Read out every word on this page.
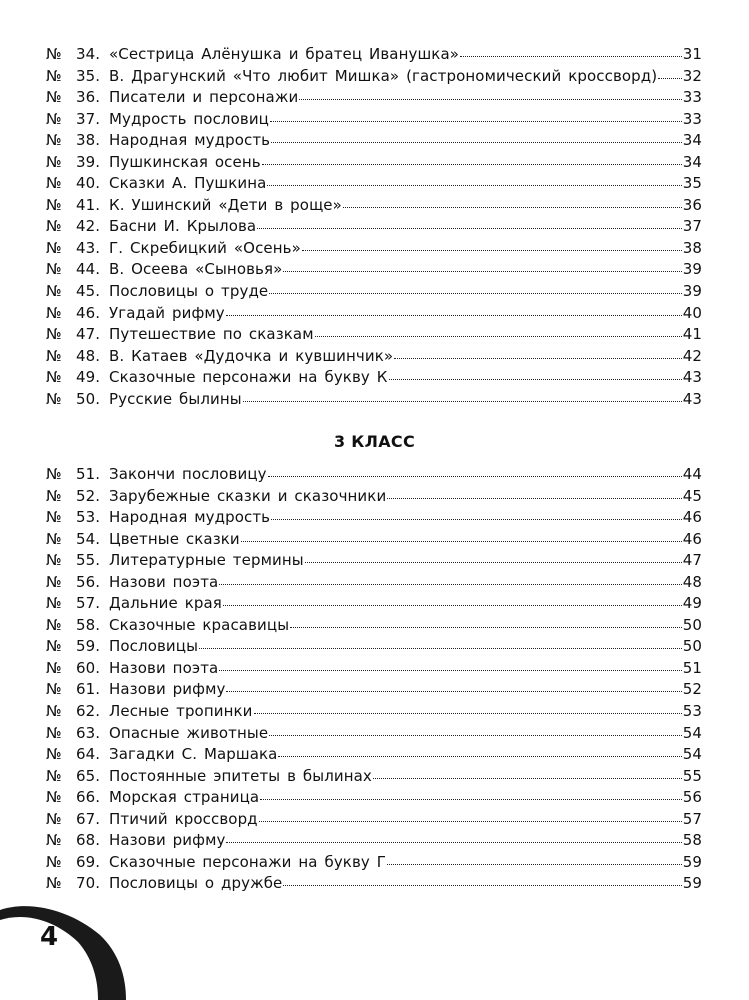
№ 34. «Сестрица Алёнушка и братец Иванушка»	31
№ 35. В. Драгунский «Что любит Мишка» (гастрономический кроссворд) 32
№ 36. Писатели и персонажи	33
№ 37. Мудрость пословиц	33
№ 38. Народная мудрость	34
№ 39. Пушкинская осень	34
№ 40. Сказки А. Пушкина	35
№ 41. К. Ушинский «Дети в роще»	36
№ 42. Басни И. Крылова	37
№ 43. Г. Скребицкий «Осень»	38
№ 44. В. Осеева «Сыновья»	39
№ 45. Пословицы о труде	39
№ 46. Угадай рифму	40
№ 47. Путешествие по сказкам	41
№ 48. В. Катаев «Дудочка и кувшинчик»	42
№ 49. Сказочные персонажи на букву К	43
№ 50. Русские былины	43
3 КЛАСС
№ 51. Закончи пословицу	44
№ 52. Зарубежные сказки и сказочники	45
№ 53. Народная мудрость	46
№ 54. Цветные сказки	46
№ 55. Литературные термины	47
№ 56. Назови поэта	48
№ 57. Дальние края	49
№ 58. Сказочные красавицы	50
№ 59. Пословицы	50
№ 60. Назови поэта	51
№ 61. Назови рифму	52
№ 62. Лесные тропинки	53
№ 63. Опасные животные	54
№ 64. Загадки С. Маршака	54
№ 65. Постоянные эпитеты в былинах	55
№ 66. Морская страница	56
№ 67. Птичий кроссворд	57
№ 68. Назови рифму	58
№ 69. Сказочные персонажи на букву Г	59
№ 70. Пословицы о дружбе	59
4
